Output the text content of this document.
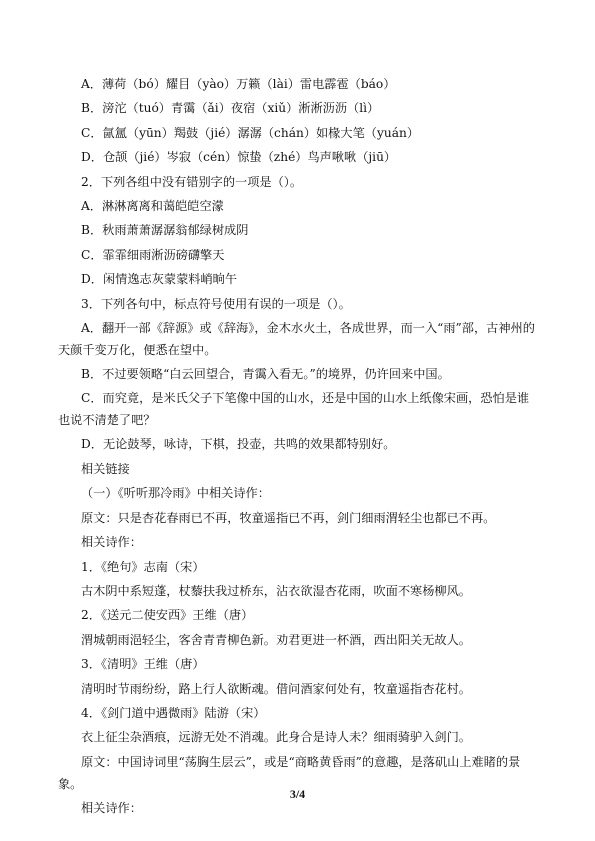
A．薄荷（bó）耀目（yào）万籁（lài）雷电霹雹（báo）

B．滂沱（tuó）青霭（ǎi）夜宿（xiǔ）淅淅沥沥（lì）

C．氤氲（yūn）羯鼓（jié）潺潺（chán）如椽大笔（yuán）

D．仓颉（jié）岑寂（cén）惊蛰（zhé）鸟声啾啾（jiū）

2．下列各组中没有错别字的一项是（）。

A．淋淋离离和蔼皑皑空濛

B．秋雨萧萧潺潺翁郁绿树成阴

C．霏霏细雨淅沥磅礴擎天

D．闲情逸志灰蒙蒙料峭晌午

3．下列各句中，标点符号使用有误的一项是（）。

A．翻开一部《辞源》或《辞海》，金木水火土，各成世界，而一入“雨”部，古神州的天颜千变万化，便悉在望中。

B．不过要领略“白云回望合，青霭入看无。”的境界，仍许回来中国。

C．而究竟，是米氏父子下笔像中国的山水，还是中国的山水上纸像宋画，恐怕是谁也说不清楚了吧？

D．无论鼓琴，咏诗，下棋，投壶，共鸣的效果都特别好。

相关链接

（一）《听听那冷雨》中相关诗作：

原文：只是杏花春雨已不再，牧童遥指已不再，剑门细雨渭轻尘也都已不再。

相关诗作：

1．《绝句》志南（宋）

古木阴中系短蓬，杖藜扶我过桥东，沾衣欲湿杏花雨，吹面不寒杨柳风。

2．《送元二使安西》王维（唐）

渭城朝雨浥轻尘，客舍青青柳色新。劝君更进一杯酒，西出阳关无故人。

3．《清明》王维（唐）

清明时节雨纷纷，路上行人欲断魂。借问酒家何处有，牧童遥指杏花村。

4．《剑门道中遇微雨》陆游（宋）

衣上征尘杂酒痕，远游无处不消魂。此身合是诗人未？细雨骑驴入剑门。

原文：中国诗词里“荡胸生层云”，或是“商略黄昏雨”的意趣，是落矶山上难睹的景象。

相关诗作：

3/4
